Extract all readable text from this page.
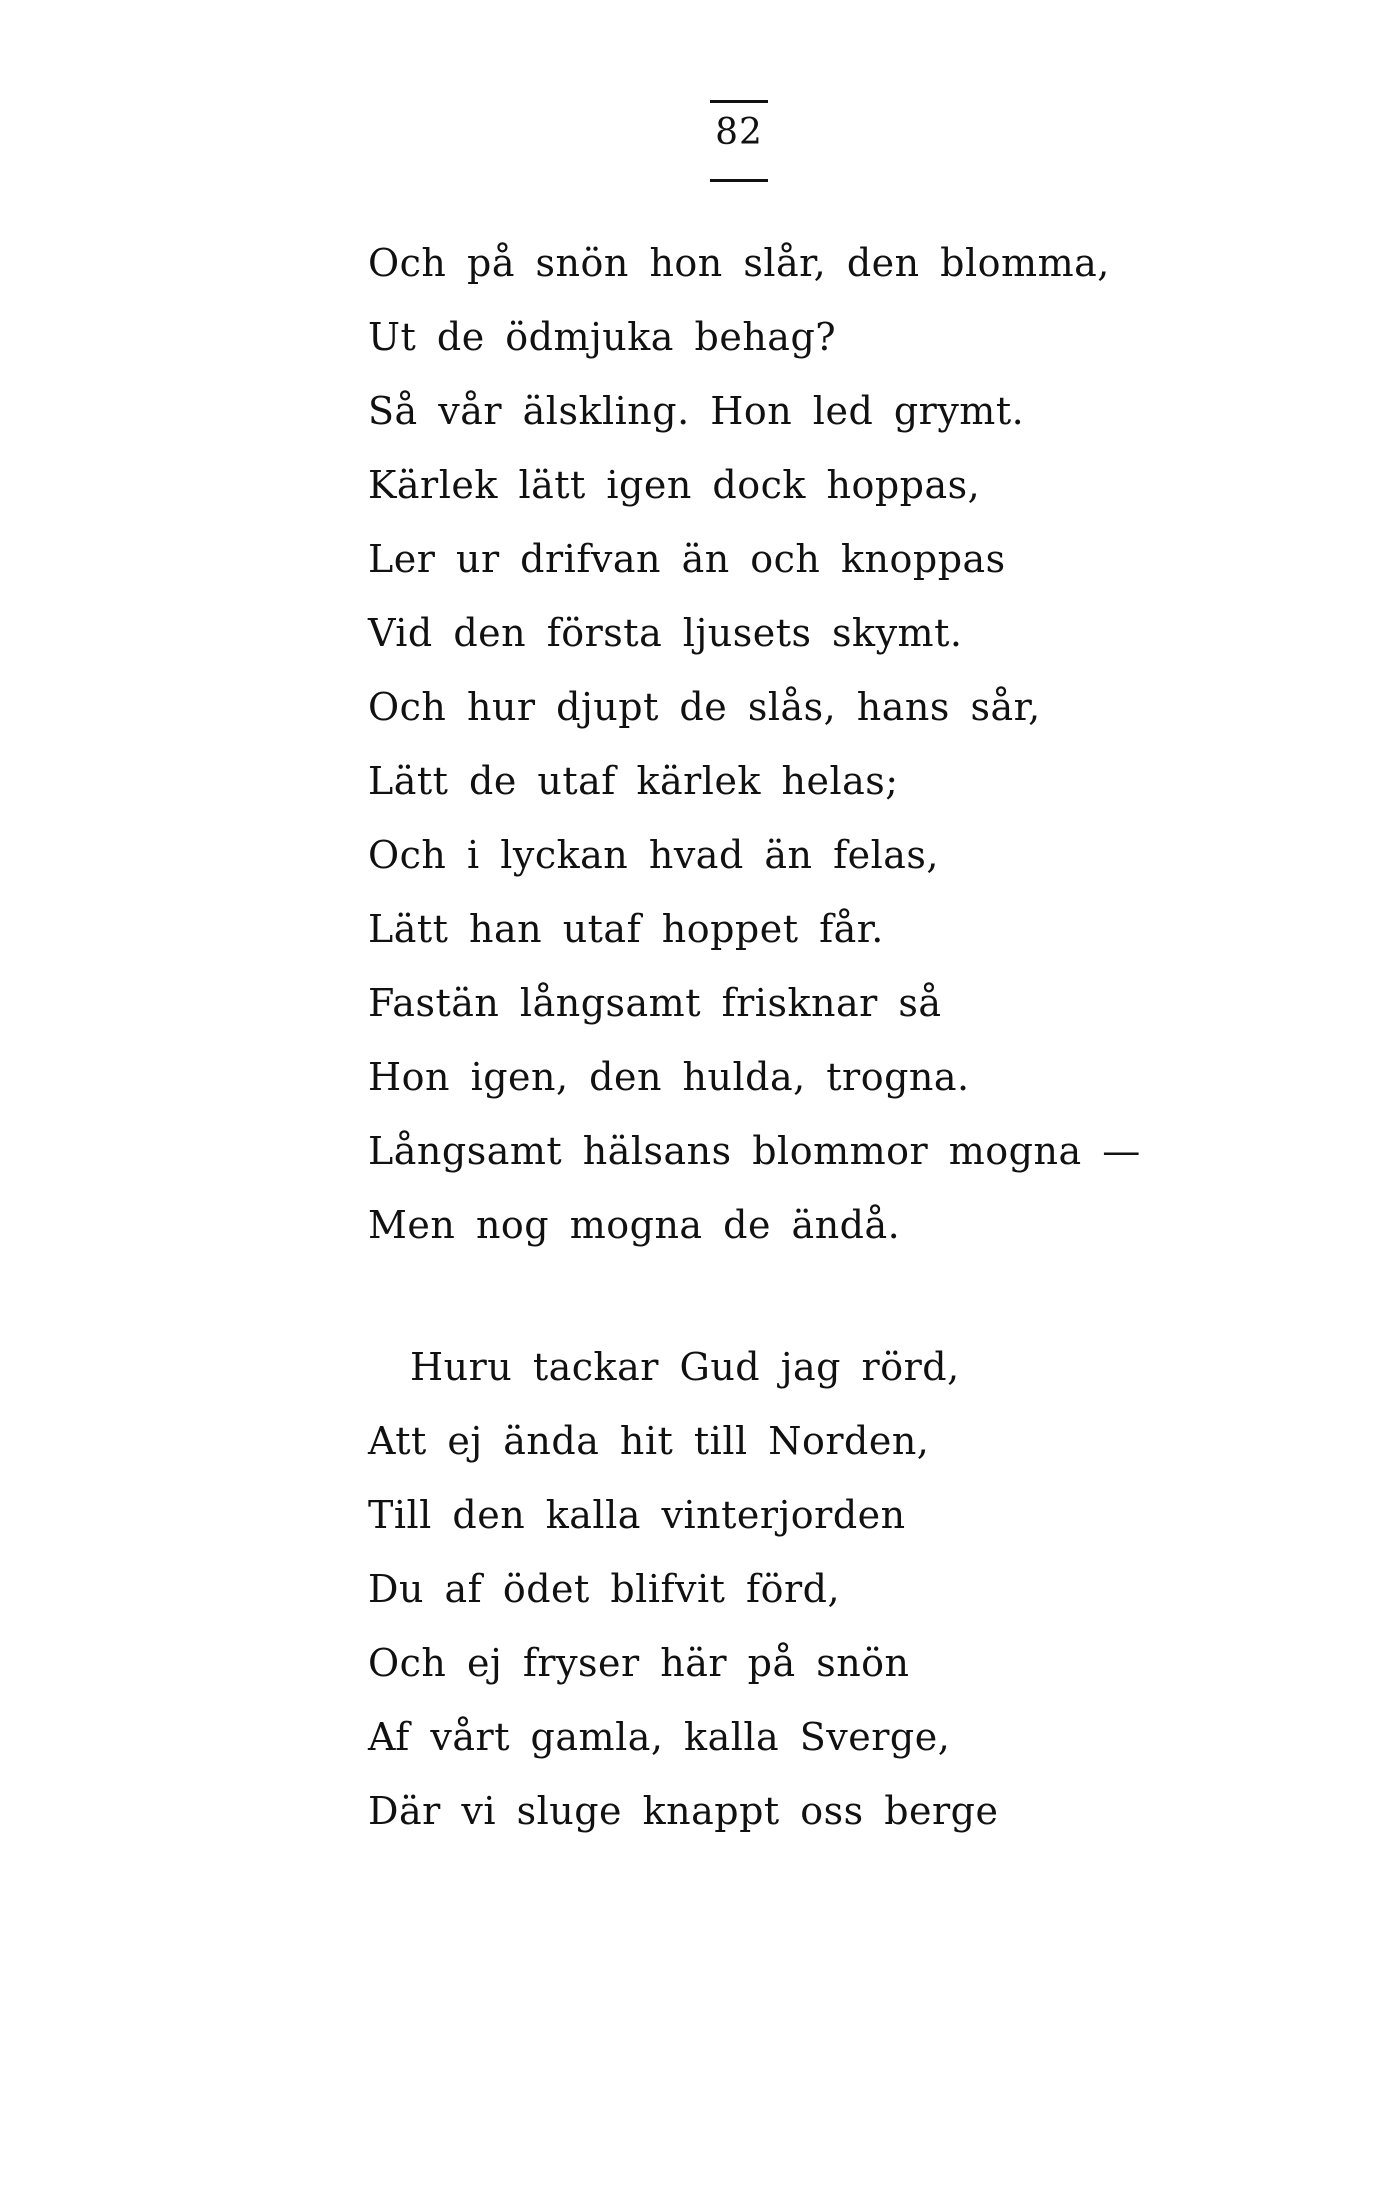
82
Och på snön hon slår, den blomma,
Ut de ödmjuka behag?
Så vår älskling. Hon led grymt.
Kärlek lätt igen dock hoppas,
Ler ur drifvan än och knoppas
Vid den första ljusets skymt.
Och hur djupt de slås, hans sår,
Lätt de utaf kärlek helas;
Och i lyckan hvad än felas,
Lätt han utaf hoppet får.
Fastän långsamt frisknar så
Hon igen, den hulda, trogna.
Långsamt hälsans blommor mogna —
Men nog mogna de ändå.
Huru tackar Gud jag rörd,
Att ej ända hit till Norden,
Till den kalla vinterjorden
Du af ödet blifvit förd,
Och ej fryser här på snön
Af vårt gamla, kalla Sverge,
Där vi sluge knappt oss berge
